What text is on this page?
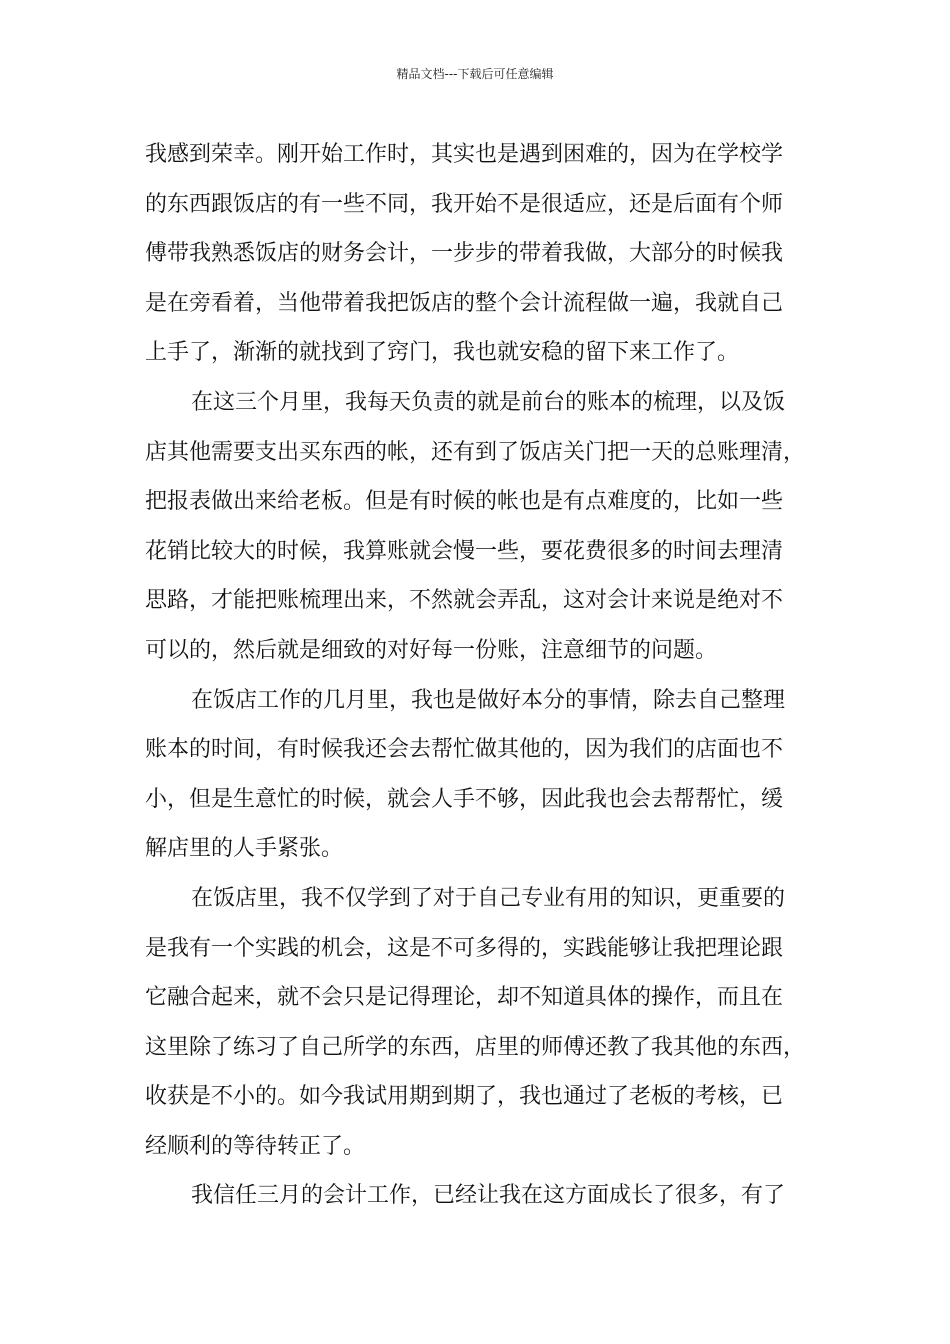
精品文档---下载后可任意编辑
我感到荣幸。刚开始工作时，其实也是遇到困难的，因为在学校学
的东西跟饭店的有一些不同，我开始不是很适应，还是后面有个师
傅带我熟悉饭店的财务会计，一步步的带着我做，大部分的时候我
是在旁看着，当他带着我把饭店的整个会计流程做一遍，我就自己
上手了，渐渐的就找到了窍门，我也就安稳的留下来工作了。
在这三个月里，我每天负责的就是前台的账本的梳理，以及饭
店其他需要支出买东西的帐，还有到了饭店关门把一天的总账理清，
把报表做出来给老板。但是有时候的帐也是有点难度的，比如一些
花销比较大的时候，我算账就会慢一些，要花费很多的时间去理清
思路，才能把账梳理出来，不然就会弄乱，这对会计来说是绝对不
可以的，然后就是细致的对好每一份账，注意细节的问题。
在饭店工作的几月里，我也是做好本分的事情，除去自己整理
账本的时间，有时候我还会去帮忙做其他的，因为我们的店面也不
小，但是生意忙的时候，就会人手不够，因此我也会去帮帮忙，缓
解店里的人手紧张。
在饭店里，我不仅学到了对于自己专业有用的知识，更重要的
是我有一个实践的机会，这是不可多得的，实践能够让我把理论跟
它融合起来，就不会只是记得理论，却不知道具体的操作，而且在
这里除了练习了自己所学的东西，店里的师傅还教了我其他的东西，
收获是不小的。如今我试用期到期了，我也通过了老板的考核，已
经顺利的等待转正了。
我信任三月的会计工作，已经让我在这方面成长了很多，有了
